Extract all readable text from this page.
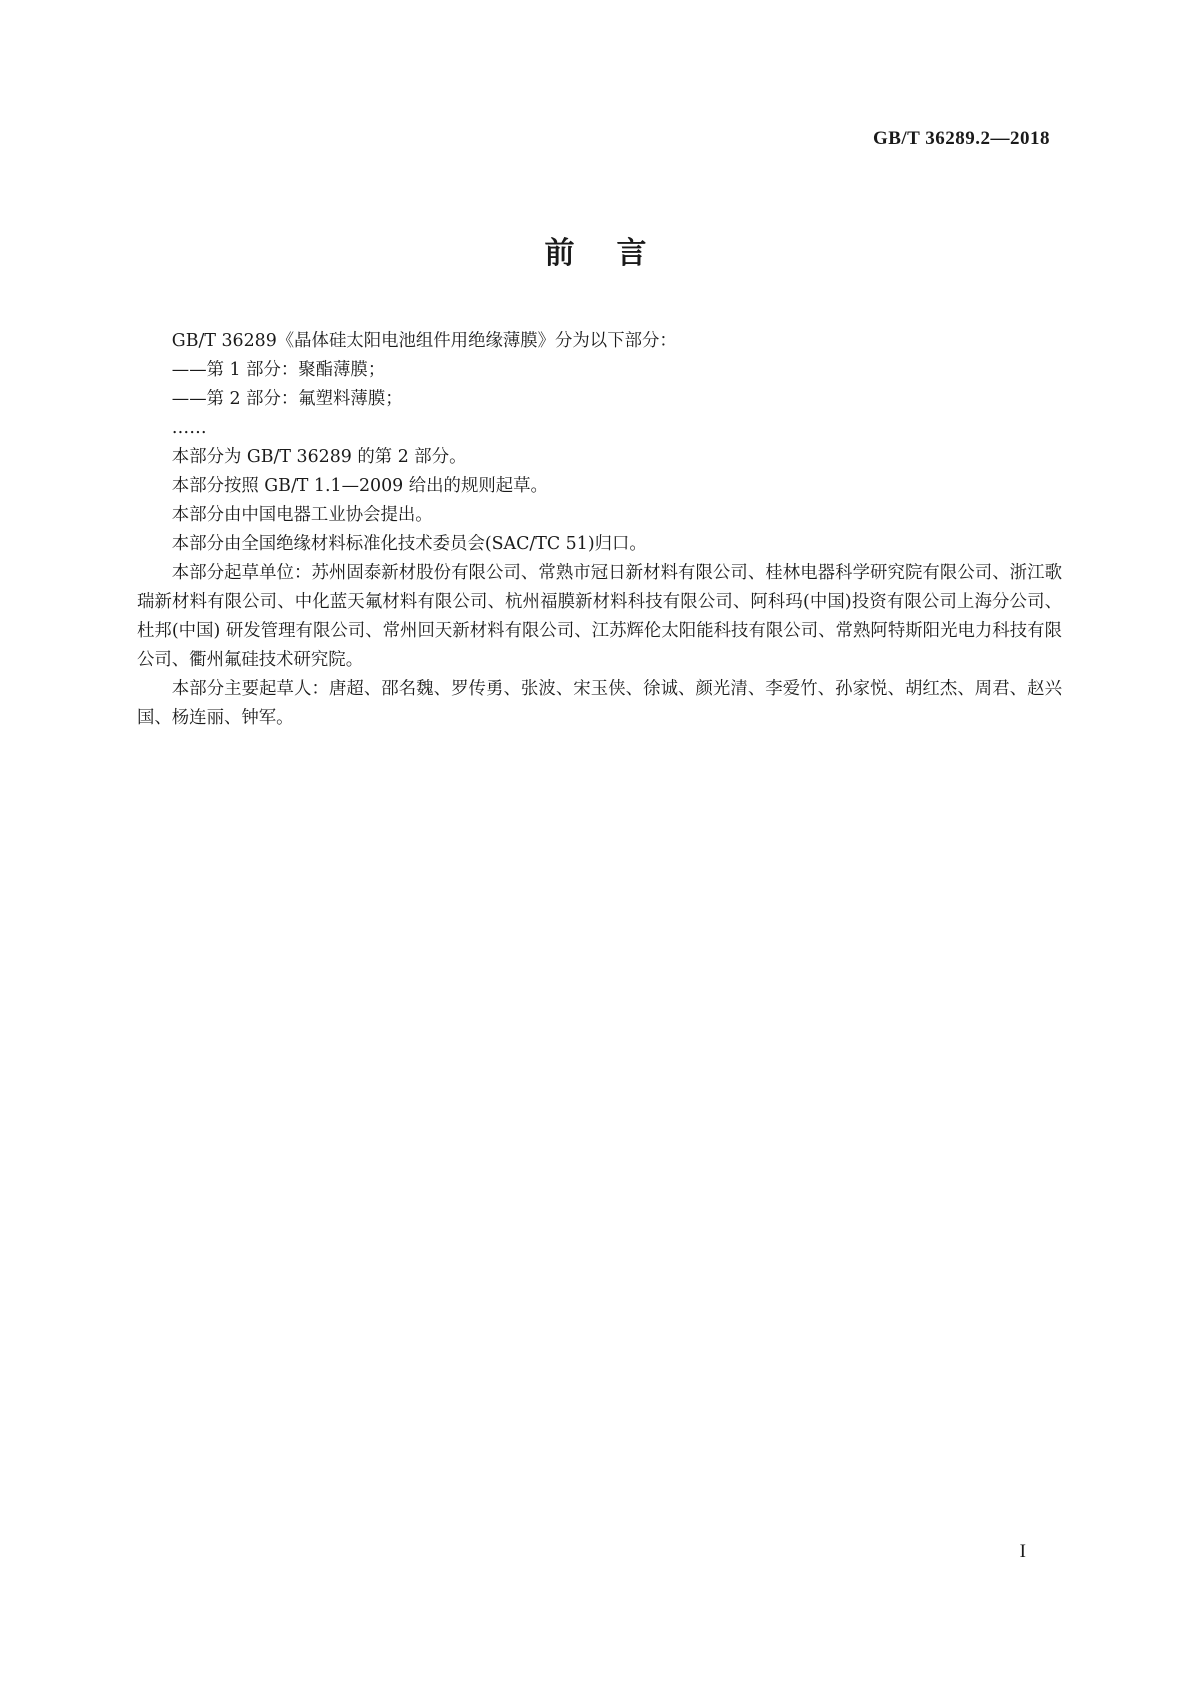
GB/T 36289.2—2018
前言

GB/T 36289《晶体硅太阳电池组件用绝缘薄膜》分为以下部分：

——第 1 部分：聚酯薄膜；

——第 2 部分：氟塑料薄膜；

……

本部分为 GB/T 36289 的第 2 部分。

本部分按照 GB/T 1.1—2009 给出的规则起草。

本部分由中国电器工业协会提出。

本部分由全国绝缘材料标准化技术委员会(SAC/TC 51)归口。

本部分起草单位：苏州固泰新材股份有限公司、常熟市冠日新材料有限公司、桂林电器科学研究院有限公司、浙江歌瑞新材料有限公司、中化蓝天氟材料有限公司、杭州福膜新材料科技有限公司、阿科玛(中国)投资有限公司上海分公司、杜邦(中国) 研发管理有限公司、常州回天新材料有限公司、江苏辉伦太阳能科技有限公司、常熟阿特斯阳光电力科技有限公司、衢州氟硅技术研究院。

本部分主要起草人：唐超、邵名魏、罗传勇、张波、宋玉侠、徐诚、颜光清、李爱竹、孙家悦、胡红杰、周君、赵兴国、杨连丽、钟军。

I
